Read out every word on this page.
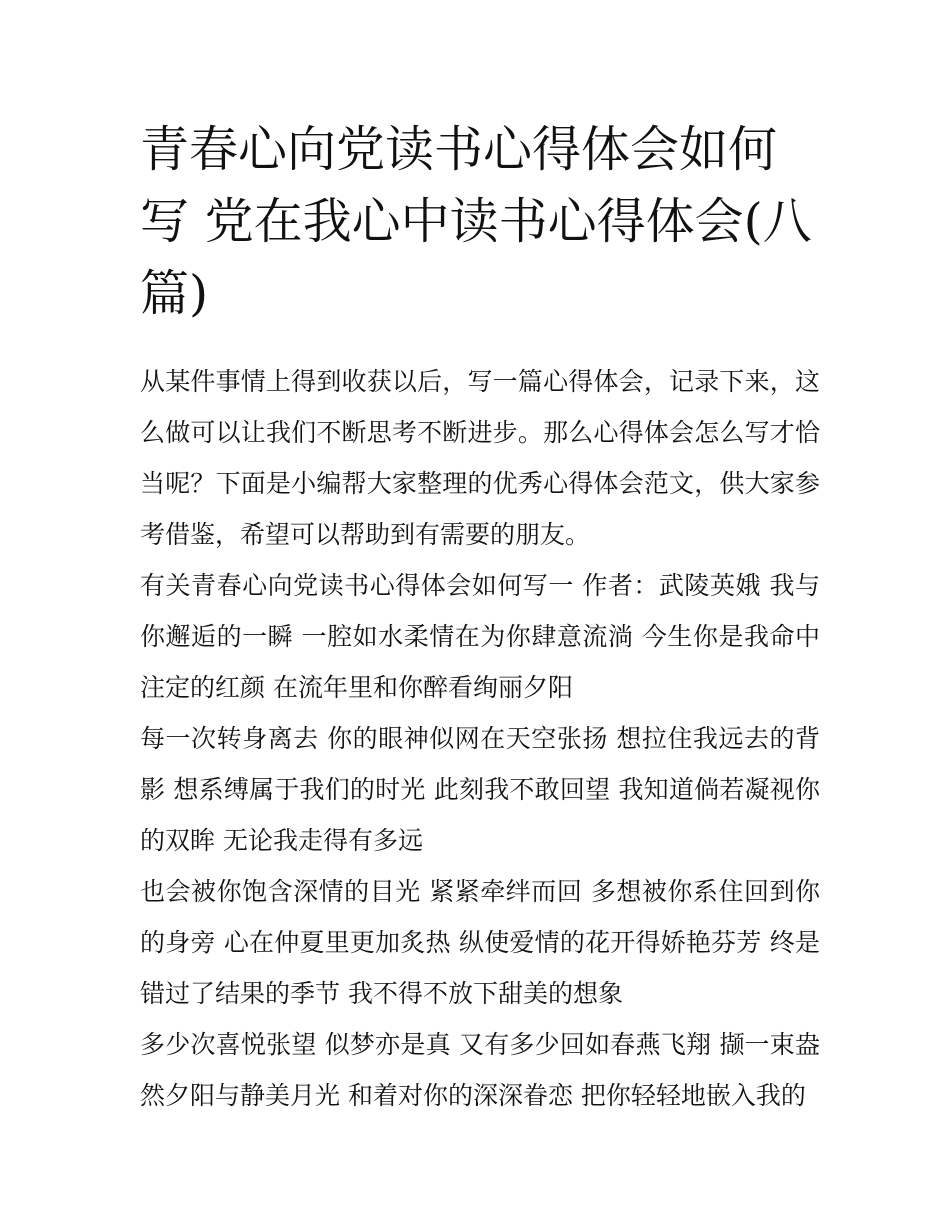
青春心向党读书心得体会如何写 党在我心中读书心得体会(八篇)

从某件事情上得到收获以后，写一篇心得体会，记录下来，这么做可以让我们不断思考不断进步。那么心得体会怎么写才恰当呢？下面是小编帮大家整理的优秀心得体会范文，供大家参考借鉴，希望可以帮助到有需要的朋友。

有关青春心向党读书心得体会如何写一 作者：武陵英娥 我与你邂逅的一瞬 一腔如水柔情在为你肆意流淌 今生你是我命中注定的红颜 在流年里和你醉看绚丽夕阳

每一次转身离去 你的眼神似网在天空张扬 想拉住我远去的背影 想系缚属于我们的时光 此刻我不敢回望 我知道倘若凝视你的双眸 无论我走得有多远

也会被你饱含深情的目光 紧紧牵绊而回 多想被你系住回到你的身旁 心在仲夏里更加炙热 纵使爱情的花开得娇艳芬芳 终是错过了结果的季节 我不得不放下甜美的想象

多少次喜悦张望 似梦亦是真 又有多少回如春燕飞翔 撷一束盎然夕阳与静美月光 和着对你的深深眷恋 把你轻轻地嵌入我的
